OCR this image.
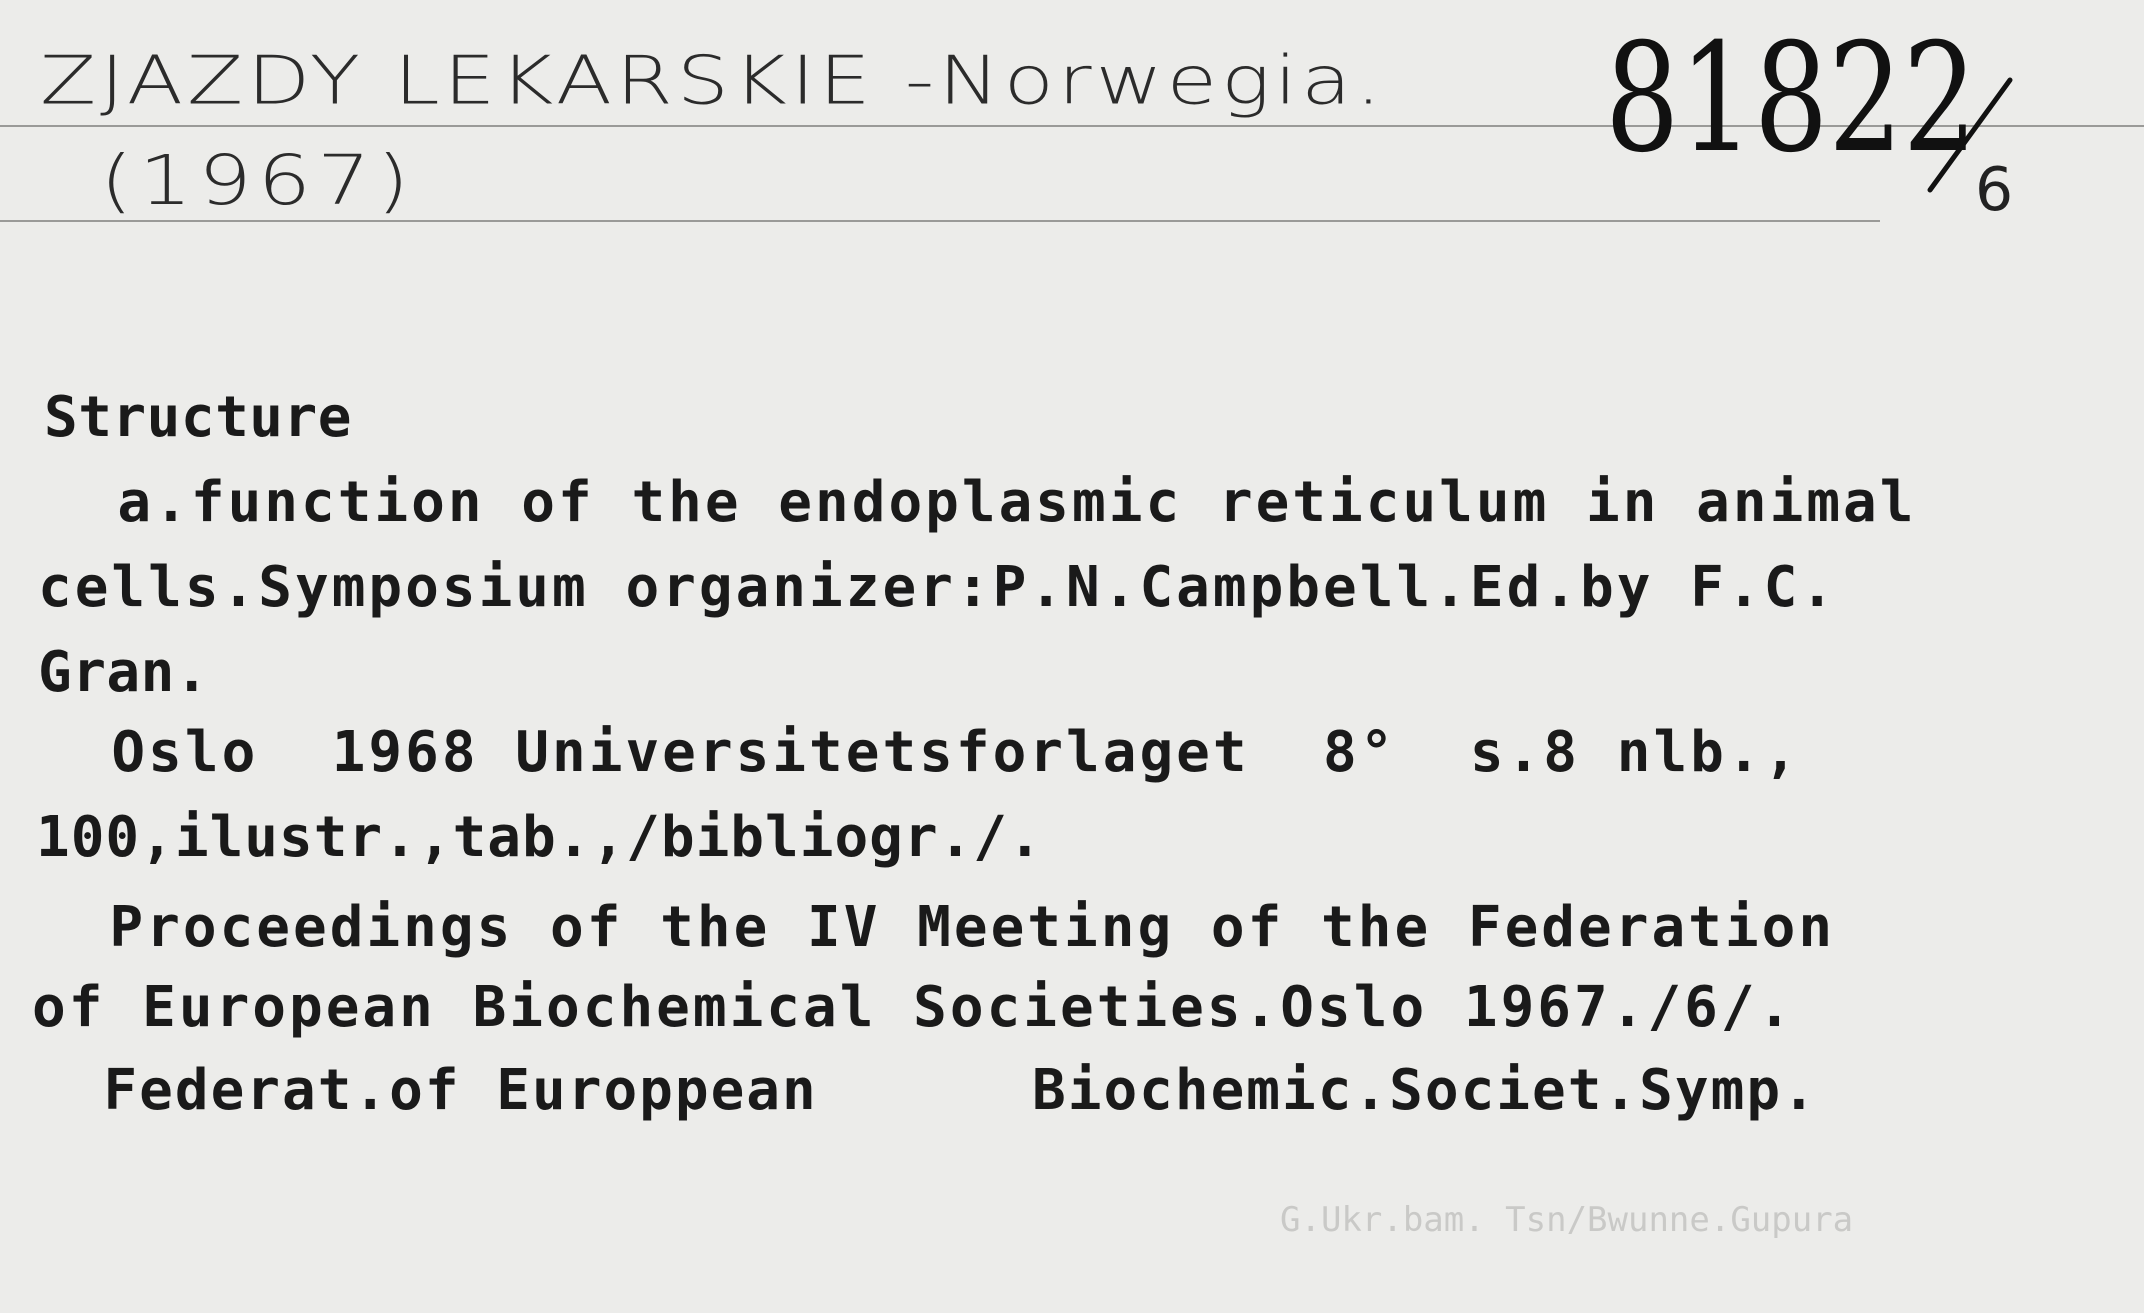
ZJAZDY LEKARSKIE -Norwegia.
(1967)	81822
6
Structure
a.function of the endoplasmic reticulum in animal
cells.Symposium organizer:P.N.Campbell.Ed.by F.C.
Gran.
Oslo  1968 Universitetsforlaget  8°  s.8 nlb.,
100,ilustr.,tab.,/bibliogr./.
Proceedings of the IV Meeting of the Federation
of European Biochemical Societies.Oslo 1967./6/.
Federat.of Europpean      Biochemic.Societ.Symp.
G.Ukr.bam. Tsn/Bwunne.Gupura
